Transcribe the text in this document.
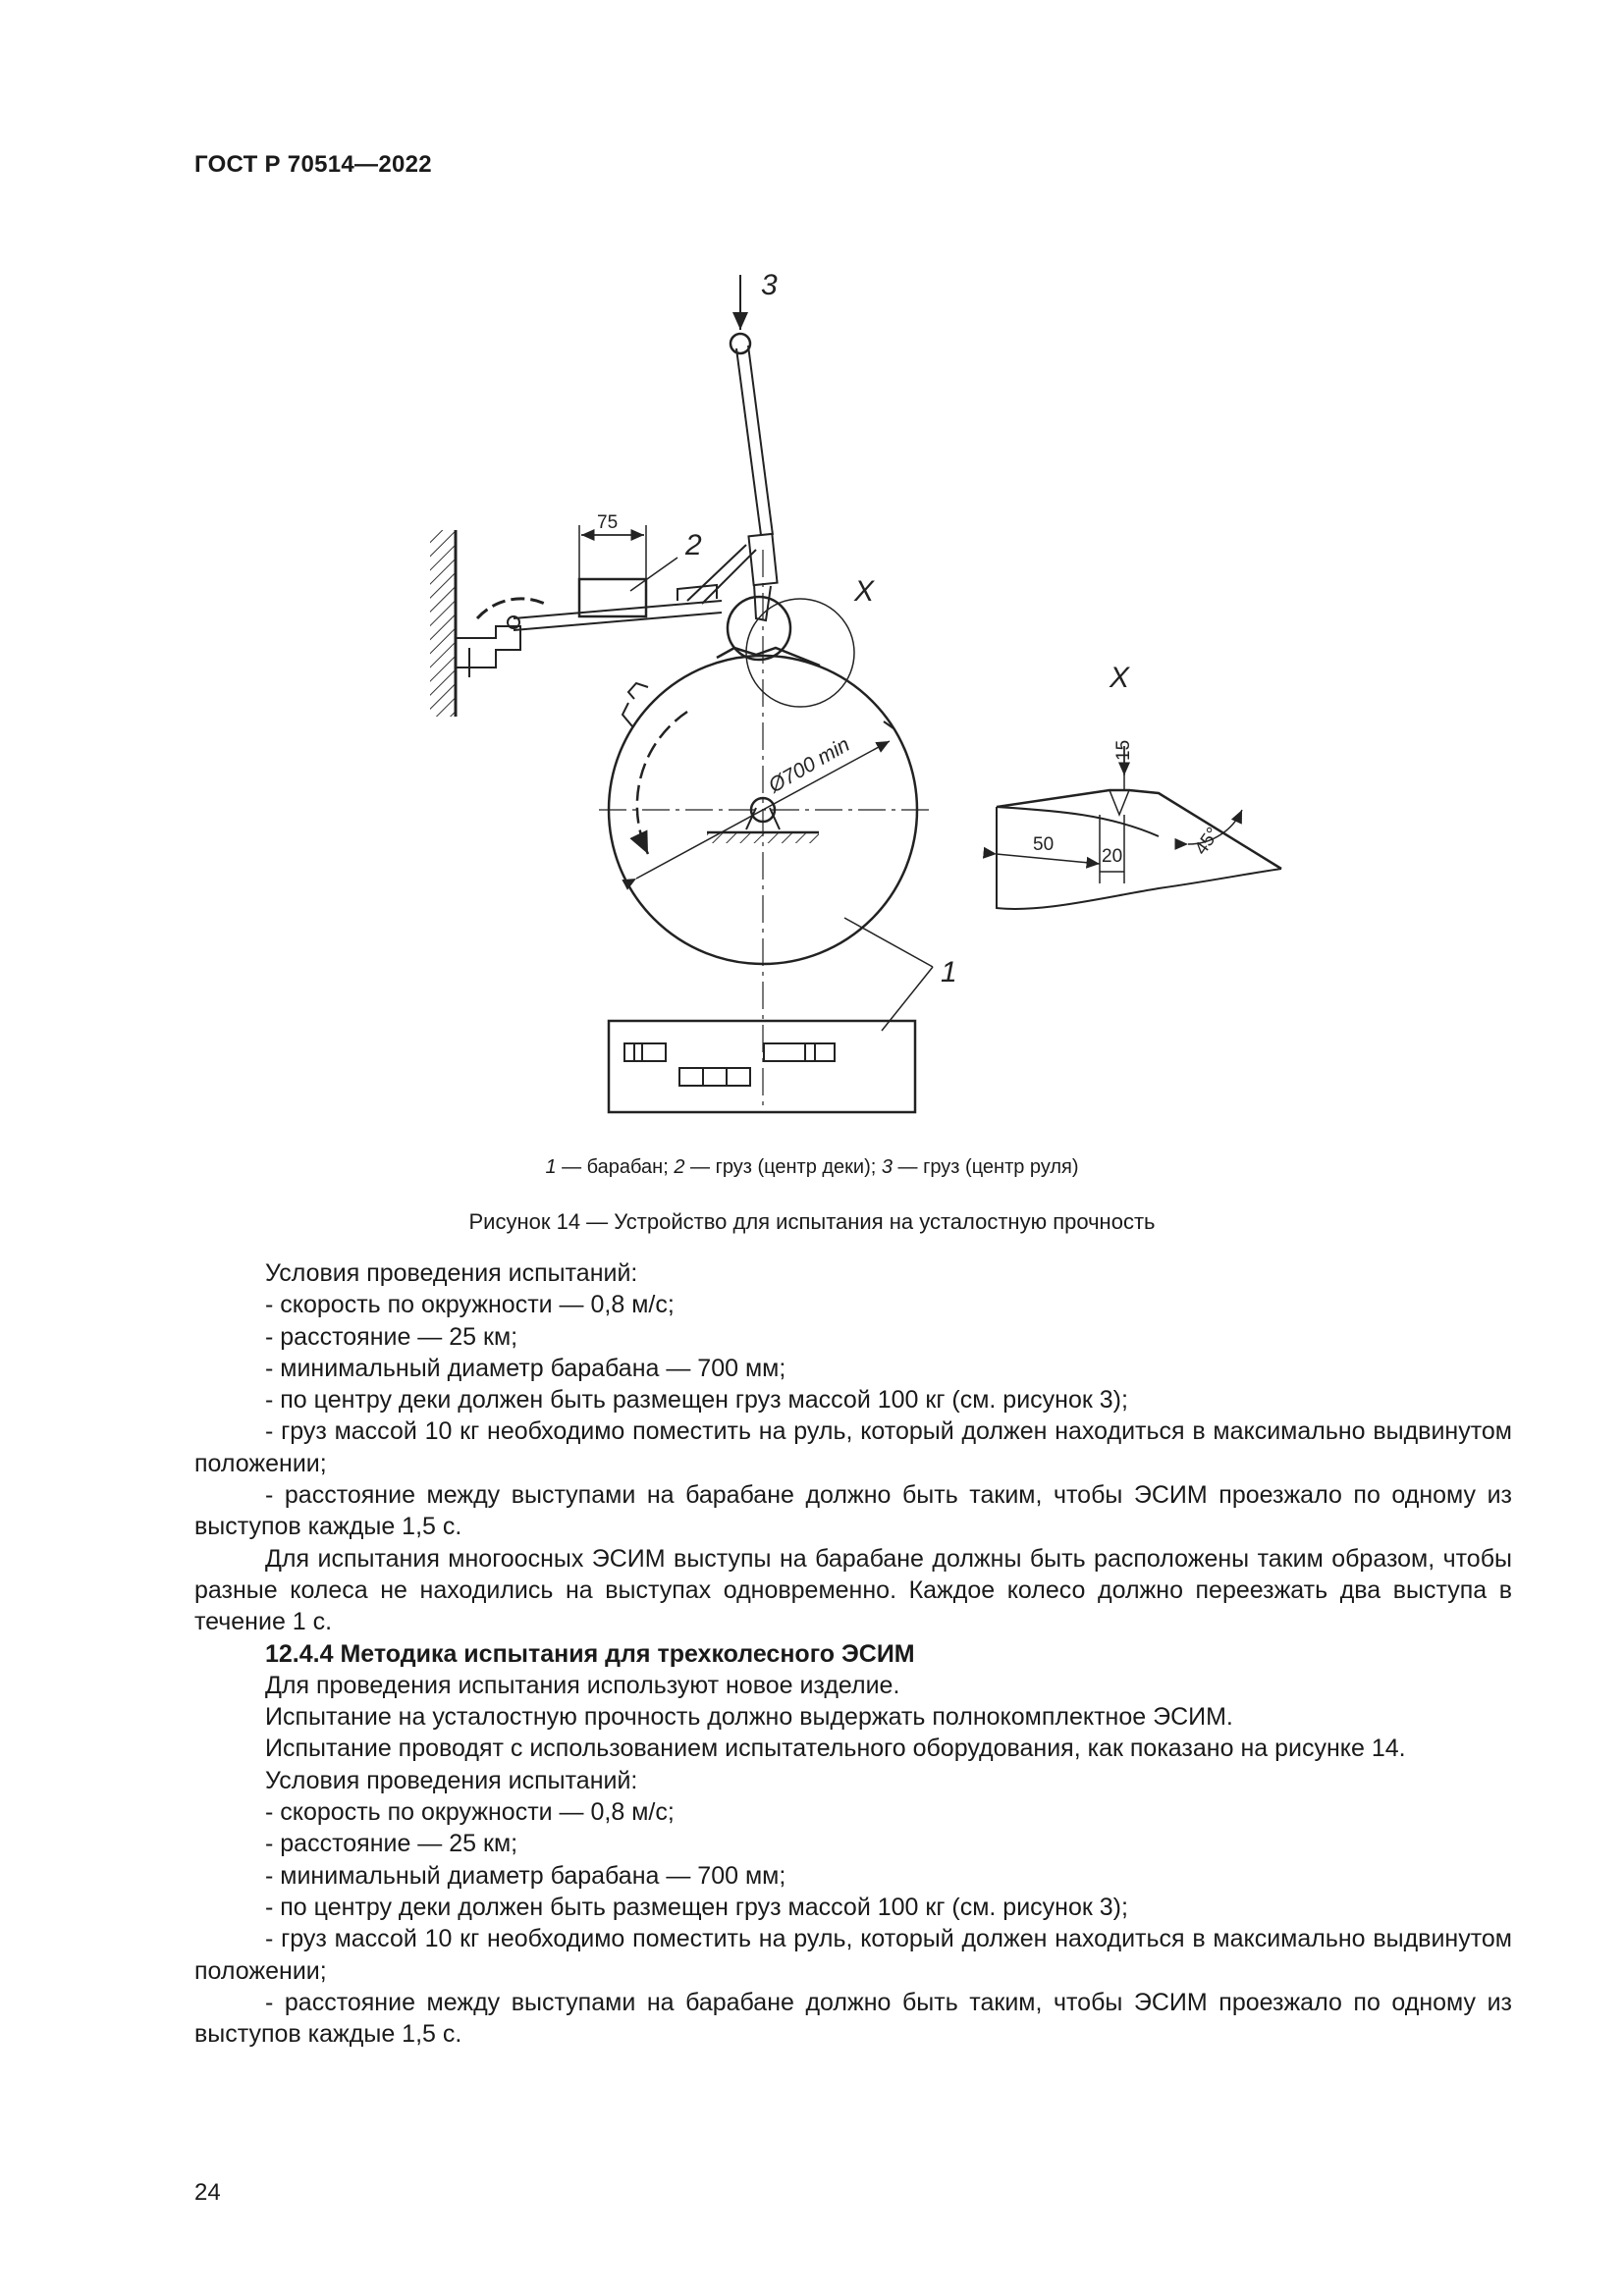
ГОСТ Р 70514—2022
3
2
X
X
1
75
Ø700 min	15
50
20	45°
1 — барабан; 2 — груз (центр деки); 3 — груз (центр руля)
Рисунок 14 — Устройство для испытания на усталостную прочность

Условия проведения испытаний:

- скорость по окружности — 0,8 м/с;

- расстояние — 25 км;

- минимальный диаметр барабана — 700 мм;

- по центру деки должен быть размещен груз массой 100 кг (см. рисунок 3);

- груз массой 10 кг необходимо поместить на руль, который должен находиться в максимально выдвинутом положении;

- расстояние между выступами на барабане должно быть таким, чтобы ЭСИМ проезжало по одному из выступов каждые 1,5 с.

Для испытания многоосных ЭСИМ выступы на барабане должны быть расположены таким образом, чтобы разные колеса не находились на выступах одновременно. Каждое колесо должно переезжать два выступа в течение 1 с.

12.4.4 Методика испытания для трехколесного ЭСИМ

Для проведения испытания используют новое изделие.

Испытание на усталостную прочность должно выдержать полнокомплектное ЭСИМ.

Испытание проводят с использованием испытательного оборудования, как показано на рисунке 14.

Условия проведения испытаний:

- скорость по окружности — 0,8 м/с;

- расстояние — 25 км;

- минимальный диаметр барабана — 700 мм;

- по центру деки должен быть размещен груз массой 100 кг (см. рисунок 3);

- груз массой 10 кг необходимо поместить на руль, который должен находиться в максимально выдвинутом положении;

- расстояние между выступами на барабане должно быть таким, чтобы ЭСИМ проезжало по одному из выступов каждые 1,5 с.

24
